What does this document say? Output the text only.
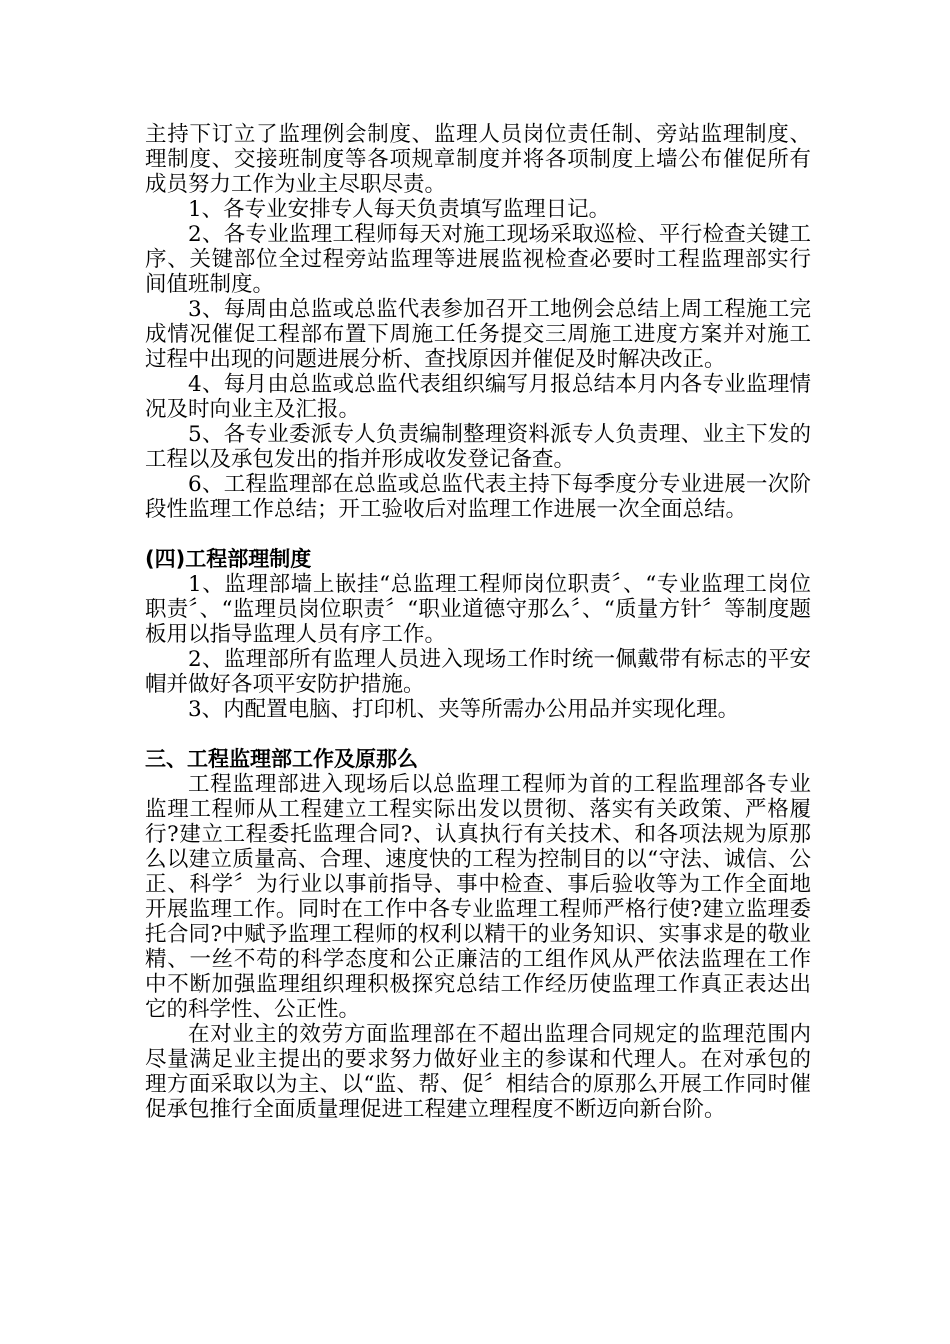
主持下订立了监理例会制度、监理人员岗位责任制、旁站监理制度、理制度、交接班制度等各项规章制度并将各项制度上墙公布催促所有成员努力工作为业主尽职尽责。

1、各专业安排专人每天负责填写监理日记。

2、各专业监理工程师每天对施工现场采取巡检、平行检查关键工序、关键部位全过程旁站监理等进展监视检查必要时工程监理部实行间值班制度。

3、每周由总监或总监代表参加召开工地例会总结上周工程施工完成情况催促工程部布置下周施工任务提交三周施工进度方案并对施工过程中出现的问题进展分析、查找原因并催促及时解决改正。

4、每月由总监或总监代表组织编写月报总结本月内各专业监理情况及时向业主及汇报。

5、各专业委派专人负责编制整理资料派专人负责理、业主下发的工程以及承包发出的指并形成收发登记备查。

6、工程监理部在总监或总监代表主持下每季度分专业进展一次阶段性监理工作总结；开工验收后对监理工作进展一次全面总结。

(四)工程部理制度

1、监理部墙上嵌挂“总监理工程师岗位职责〞、“专业监理工岗位职责〞、“监理员岗位职责〞“职业道德守那么〞、“质量方针〞等制度题板用以指导监理人员有序工作。

2、监理部所有监理人员进入现场工作时统一佩戴带有标志的平安帽并做好各项平安防护措施。

3、内配置电脑、打印机、夹等所需办公用品并实现化理。

三、工程监理部工作及原那么

工程监理部进入现场后以总监理工程师为首的工程监理部各专业监理工程师从工程建立工程实际出发以贯彻、落实有关政策、严格履行?建立工程委托监理合同?、认真执行有关技术、和各项法规为原那么以建立质量高、合理、速度快的工程为控制目的以“守法、诚信、公正、科学〞为行业以事前指导、事中检查、事后验收等为工作全面地开展监理工作。同时在工作中各专业监理工程师严格行使?建立监理委托合同?中赋予监理工程师的权利以精干的业务知识、实事求是的敬业精、一丝不苟的科学态度和公正廉洁的工组作风从严依法监理在工作中不断加强监理组织理积极探究总结工作经历使监理工作真正表达出它的科学性、公正性。

在对业主的效劳方面监理部在不超出监理合同规定的监理范围内尽量满足业主提出的要求努力做好业主的参谋和代理人。在对承包的理方面采取以为主、以“监、帮、促〞相结合的原那么开展工作同时催促承包推行全面质量理促进工程建立理程度不断迈向新台阶。
